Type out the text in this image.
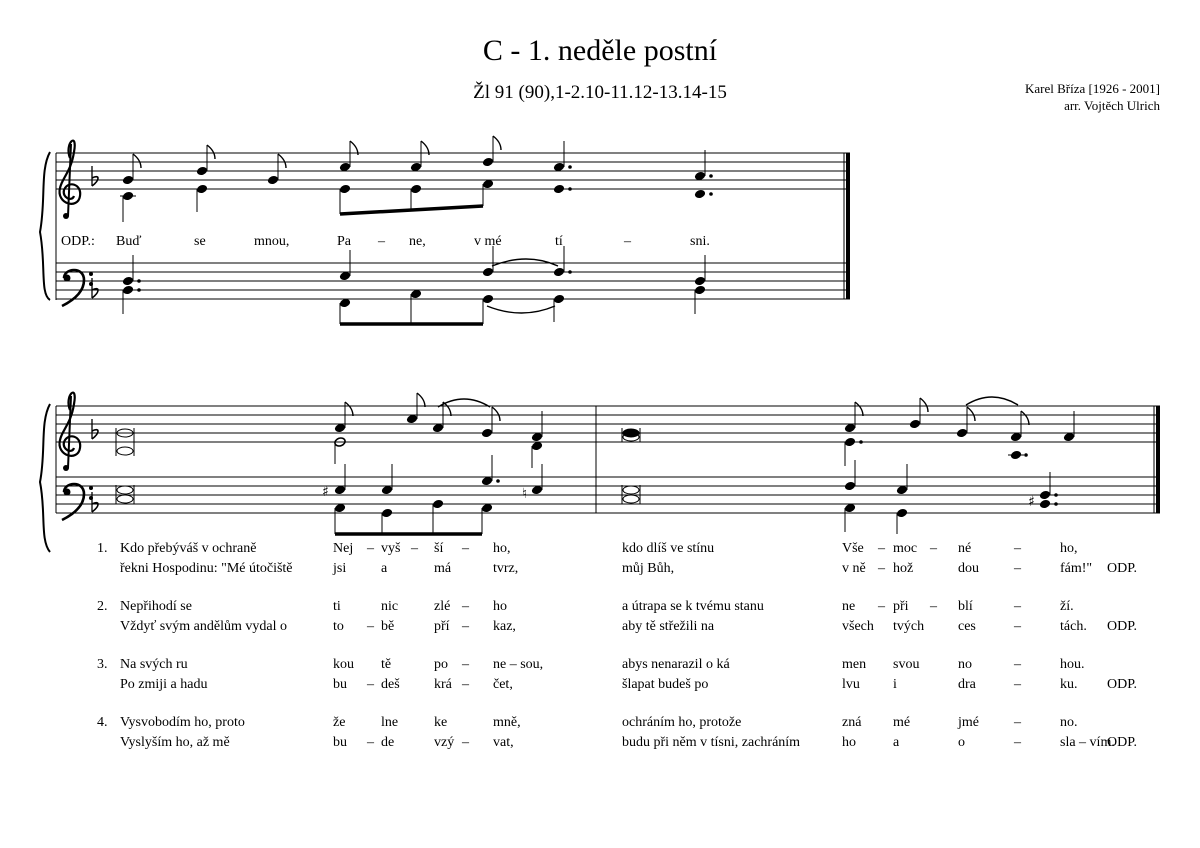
C - 1. neděle postní
Žl 91 (90),1-2.10-11.12-13.14-15	Karel Bříza [1926 - 2001]
arr. Vojtěch Ulrich
♯	♮	♯
ODP.: Buď	se	mnou,	Pa – ne,	v mé	tí	–	sni.
1. Kdo přebýváš v ochraně	Nej – vyš – ší – ho,	kdo dlíš ve stínu	Vše – moc – né	–	ho,
řekni Hospodinu: "Mé útočiště	jsi a	má	tvrz,	můj Bůh,	v ně – hož	dou	–	fám!" ODP.
2. Nepřihodí se	ti	nic	zlé – ho	a útrapa se k tvému stanu	ne – při – blí	–	ží.
Vždyť svým andělům vydal o	to – bě	pří – kaz,	aby tě střežili na	všech tvých ces	–	tách. ODP.
3. Na svých ru	kou tě	po – ne – sou,	abys nenarazil o ká	men svou	no	–	hou.
Po zmiji a hadu	bu – deš krá – čet,	šlapat budeš po	lvu i	dra	–	ku. ODP.
4. Vysvobodím ho, proto	že	lne	ke	mně,	ochráním ho, protože	zná mé	jmé	–	no.
Vyslyším ho, až mě	bu – de	vzý – vat,	budu při něm v tísni, zachráním	ho	a	o	–	sla – vím.
ODP.
